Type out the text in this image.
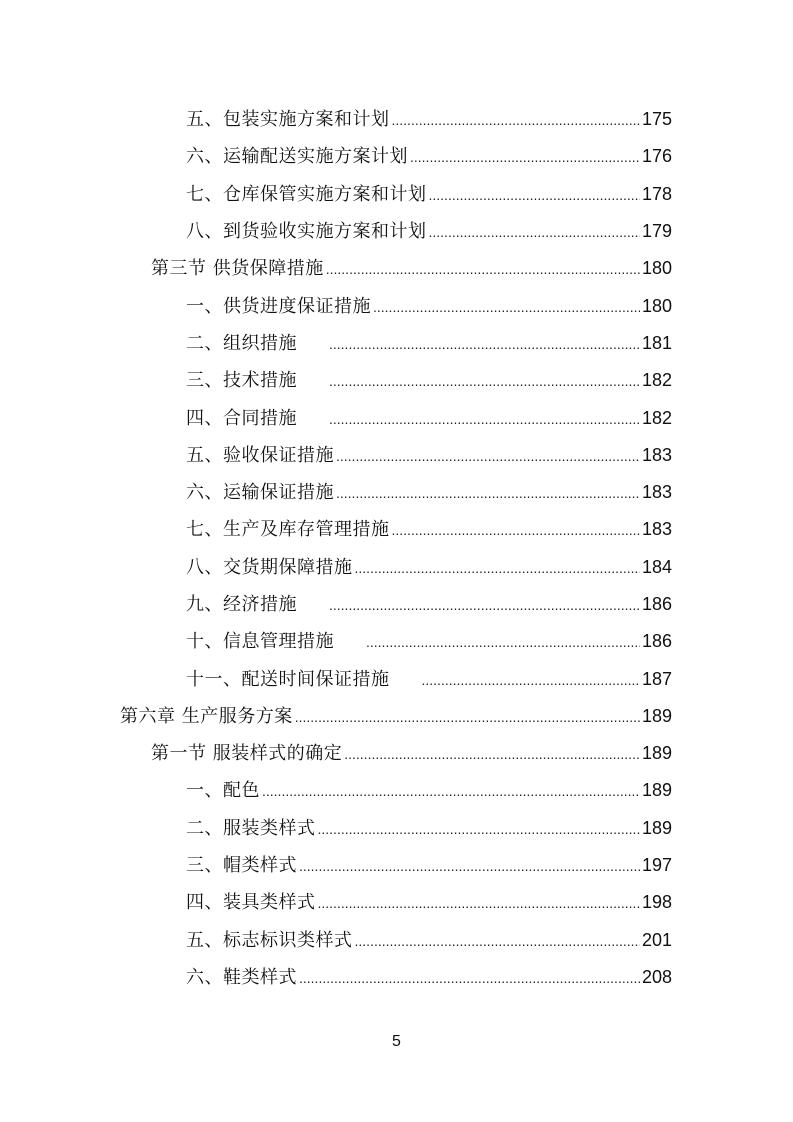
五、包装实施方案和计划 .....	175
六、运输配送实施方案计划 .....	176
七、仓库保管实施方案和计划 .....	178
八、到货验收实施方案和计划 .....	179
第三节 供货保障措施 .....	180
一、供货进度保证措施 .....	180
二、组织措施 .....	181
三、技术措施 .....	182
四、合同措施 .....	182
五、验收保证措施 .....	183
六、运输保证措施 .....	183
七、生产及库存管理措施 .....	183
八、交货期保障措施 .....	184
九、经济措施 .....	186
十、信息管理措施 .....	186
十一、配送时间保证措施 .....	187
第六章 生产服务方案 .....	189
第一节 服装样式的确定 .....	189
一、配色 .....	189
二、服装类样式 .....	189
三、帽类样式 .....	197
四、装具类样式 .....	198
五、标志标识类样式 .....	201
六、鞋类样式 .....	208
5
